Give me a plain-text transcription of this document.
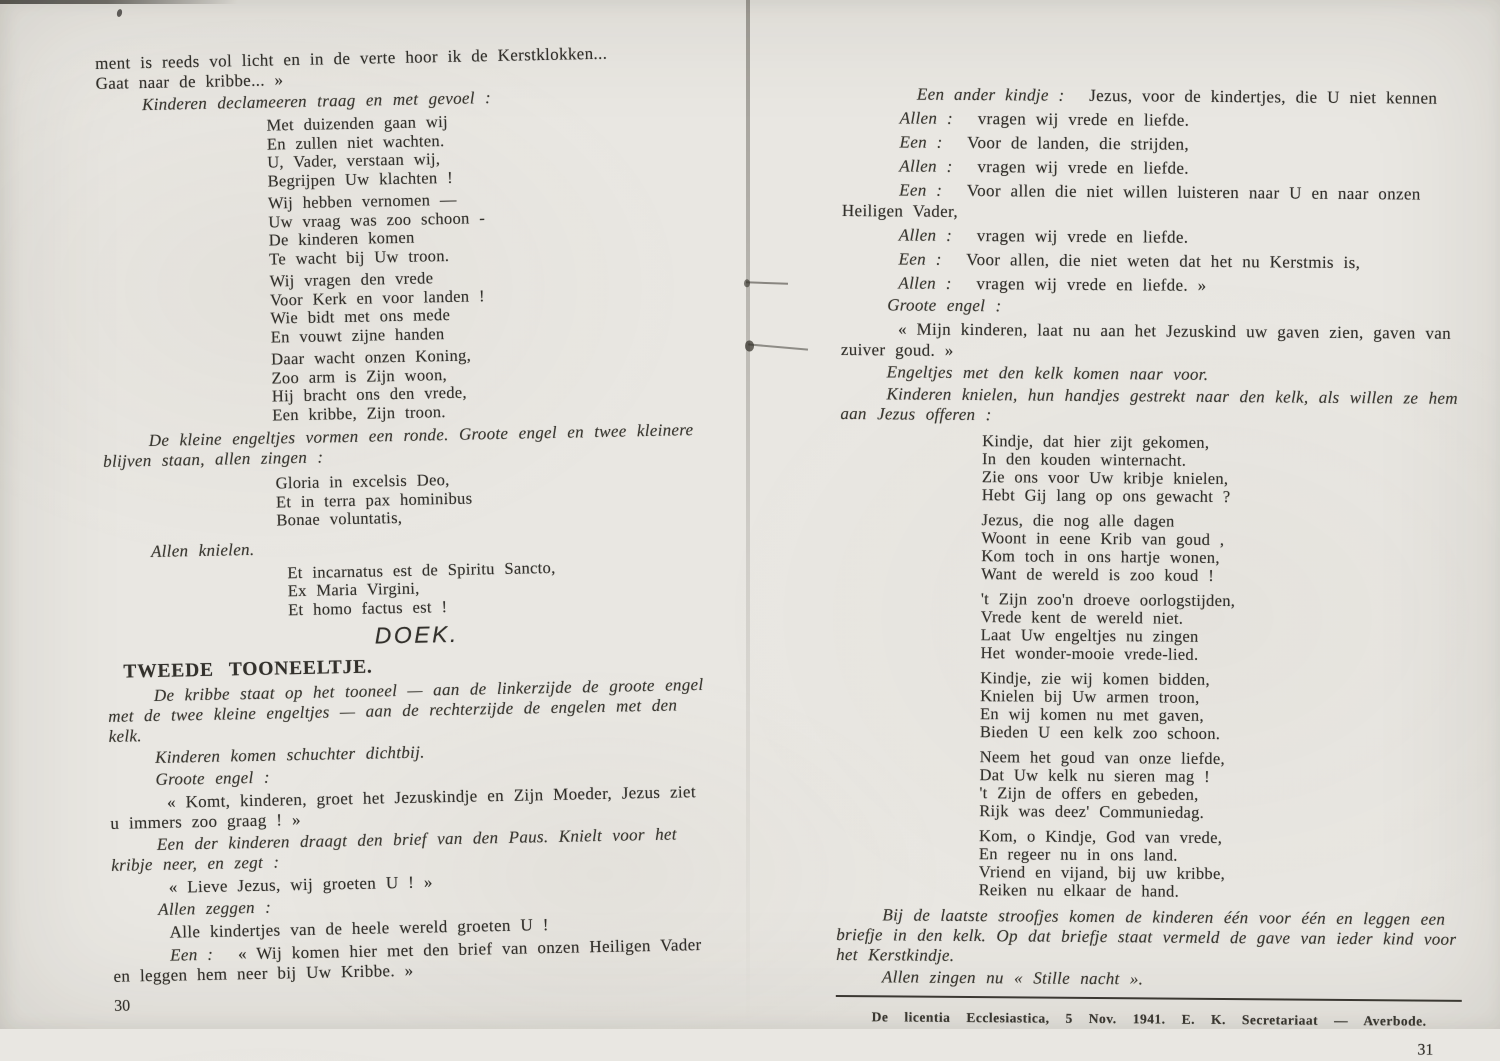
ment is reeds vol licht en in de verte hoor ik de Kerstklokken...
Gaat naar de kribbe... »
Kinderen declameeren traag en met gevoel :
Met duizenden gaan wij
En zullen niet wachten.
U, Vader, verstaan wij,
Begrijpen Uw klachten !
Wij hebben vernomen —
Uw vraag was zoo schoon -
De kinderen komen
Te wacht bij Uw troon.
Wij vragen den vrede
Voor Kerk en voor landen !
Wie bidt met ons mede
En vouwt zijne handen
Daar wacht onzen Koning,
Zoo arm is Zijn woon,
Hij bracht ons den vrede,
Een kribbe, Zijn troon.
De kleine engeltjes vormen een ronde. Groote engel en twee kleinere blijven staan, allen zingen :
Gloria in excelsis Deo,
Et in terra pax hominibus
Bonae voluntatis,
Allen knielen.
Et incarnatus est de Spiritu Sancto,
Ex Maria Virgini,
Et homo factus est !
DOEK.
TWEEDE TOONEELTJE.
De kribbe staat op het tooneel — aan de linkerzijde de groote engel met de twee kleine engeltjes — aan de rechterzijde de engelen met den kelk.
Kinderen komen schuchter dichtbij.
Groote engel :
« Komt, kinderen, groet het Jezuskindje en Zijn Moeder, Jezus ziet u immers zoo graag ! »
Een der kinderen draagt den brief van den Paus. Knielt voor het kribje neer, en zegt :
« Lieve Jezus, wij groeten U ! »
Allen zeggen :
Alle kindertjes van de heele wereld groeten U !
Een : « Wij komen hier met den brief van onzen Heiligen Vader en leggen hem neer bij Uw Kribbe. »
30
Een ander kindje : Jezus, voor de kindertjes, die U niet kennen
Allen : vragen wij vrede en liefde.
Een : Voor de landen, die strijden,
Allen : vragen wij vrede en liefde.
Een : Voor allen die niet willen luisteren naar U en naar onzen Heiligen Vader,
Allen : vragen wij vrede en liefde.
Een : Voor allen, die niet weten dat het nu Kerstmis is,
Allen : vragen wij vrede en liefde. »
Groote engel :
« Mijn kinderen, laat nu aan het Jezuskind uw gaven zien, gaven van zuiver goud. »
Engeltjes met den kelk komen naar voor.
Kinderen knielen, hun handjes gestrekt naar den kelk, als willen ze hem aan Jezus offeren :
Kindje, dat hier zijt gekomen,
In den kouden winternacht.
Zie ons voor Uw kribje knielen,
Hebt Gij lang op ons gewacht ?
Jezus, die nog alle dagen
Woont in eene Krib van goud ,
Kom toch in ons hartje wonen,
Want de wereld is zoo koud !
't Zijn zoo'n droeve oorlogstijden,
Vrede kent de wereld niet.
Laat Uw engeltjes nu zingen
Het wonder-mooie vrede-lied.
Kindje, zie wij komen bidden,
Knielen bij Uw armen troon,
En wij komen nu met gaven,
Bieden U een kelk zoo schoon.
Neem het goud van onze liefde,
Dat Uw kelk nu sieren mag !
't Zijn de offers en gebeden,
Rijk was deez' Communiedag.
Kom, o Kindje, God van vrede,
En regeer nu in ons land.
Vriend en vijand, bij uw kribbe,
Reiken nu elkaar de hand.
Bij de laatste stroofjes komen de kinderen één voor één en leggen een briefje in den kelk. Op dat briefje staat vermeld de gave van ieder kind voor het Kerstkindje.
Allen zingen nu « Stille nacht ».
De licentia Ecclesiastica, 5 Nov. 1941. E. K. Secretariaat — Averbode.
31
